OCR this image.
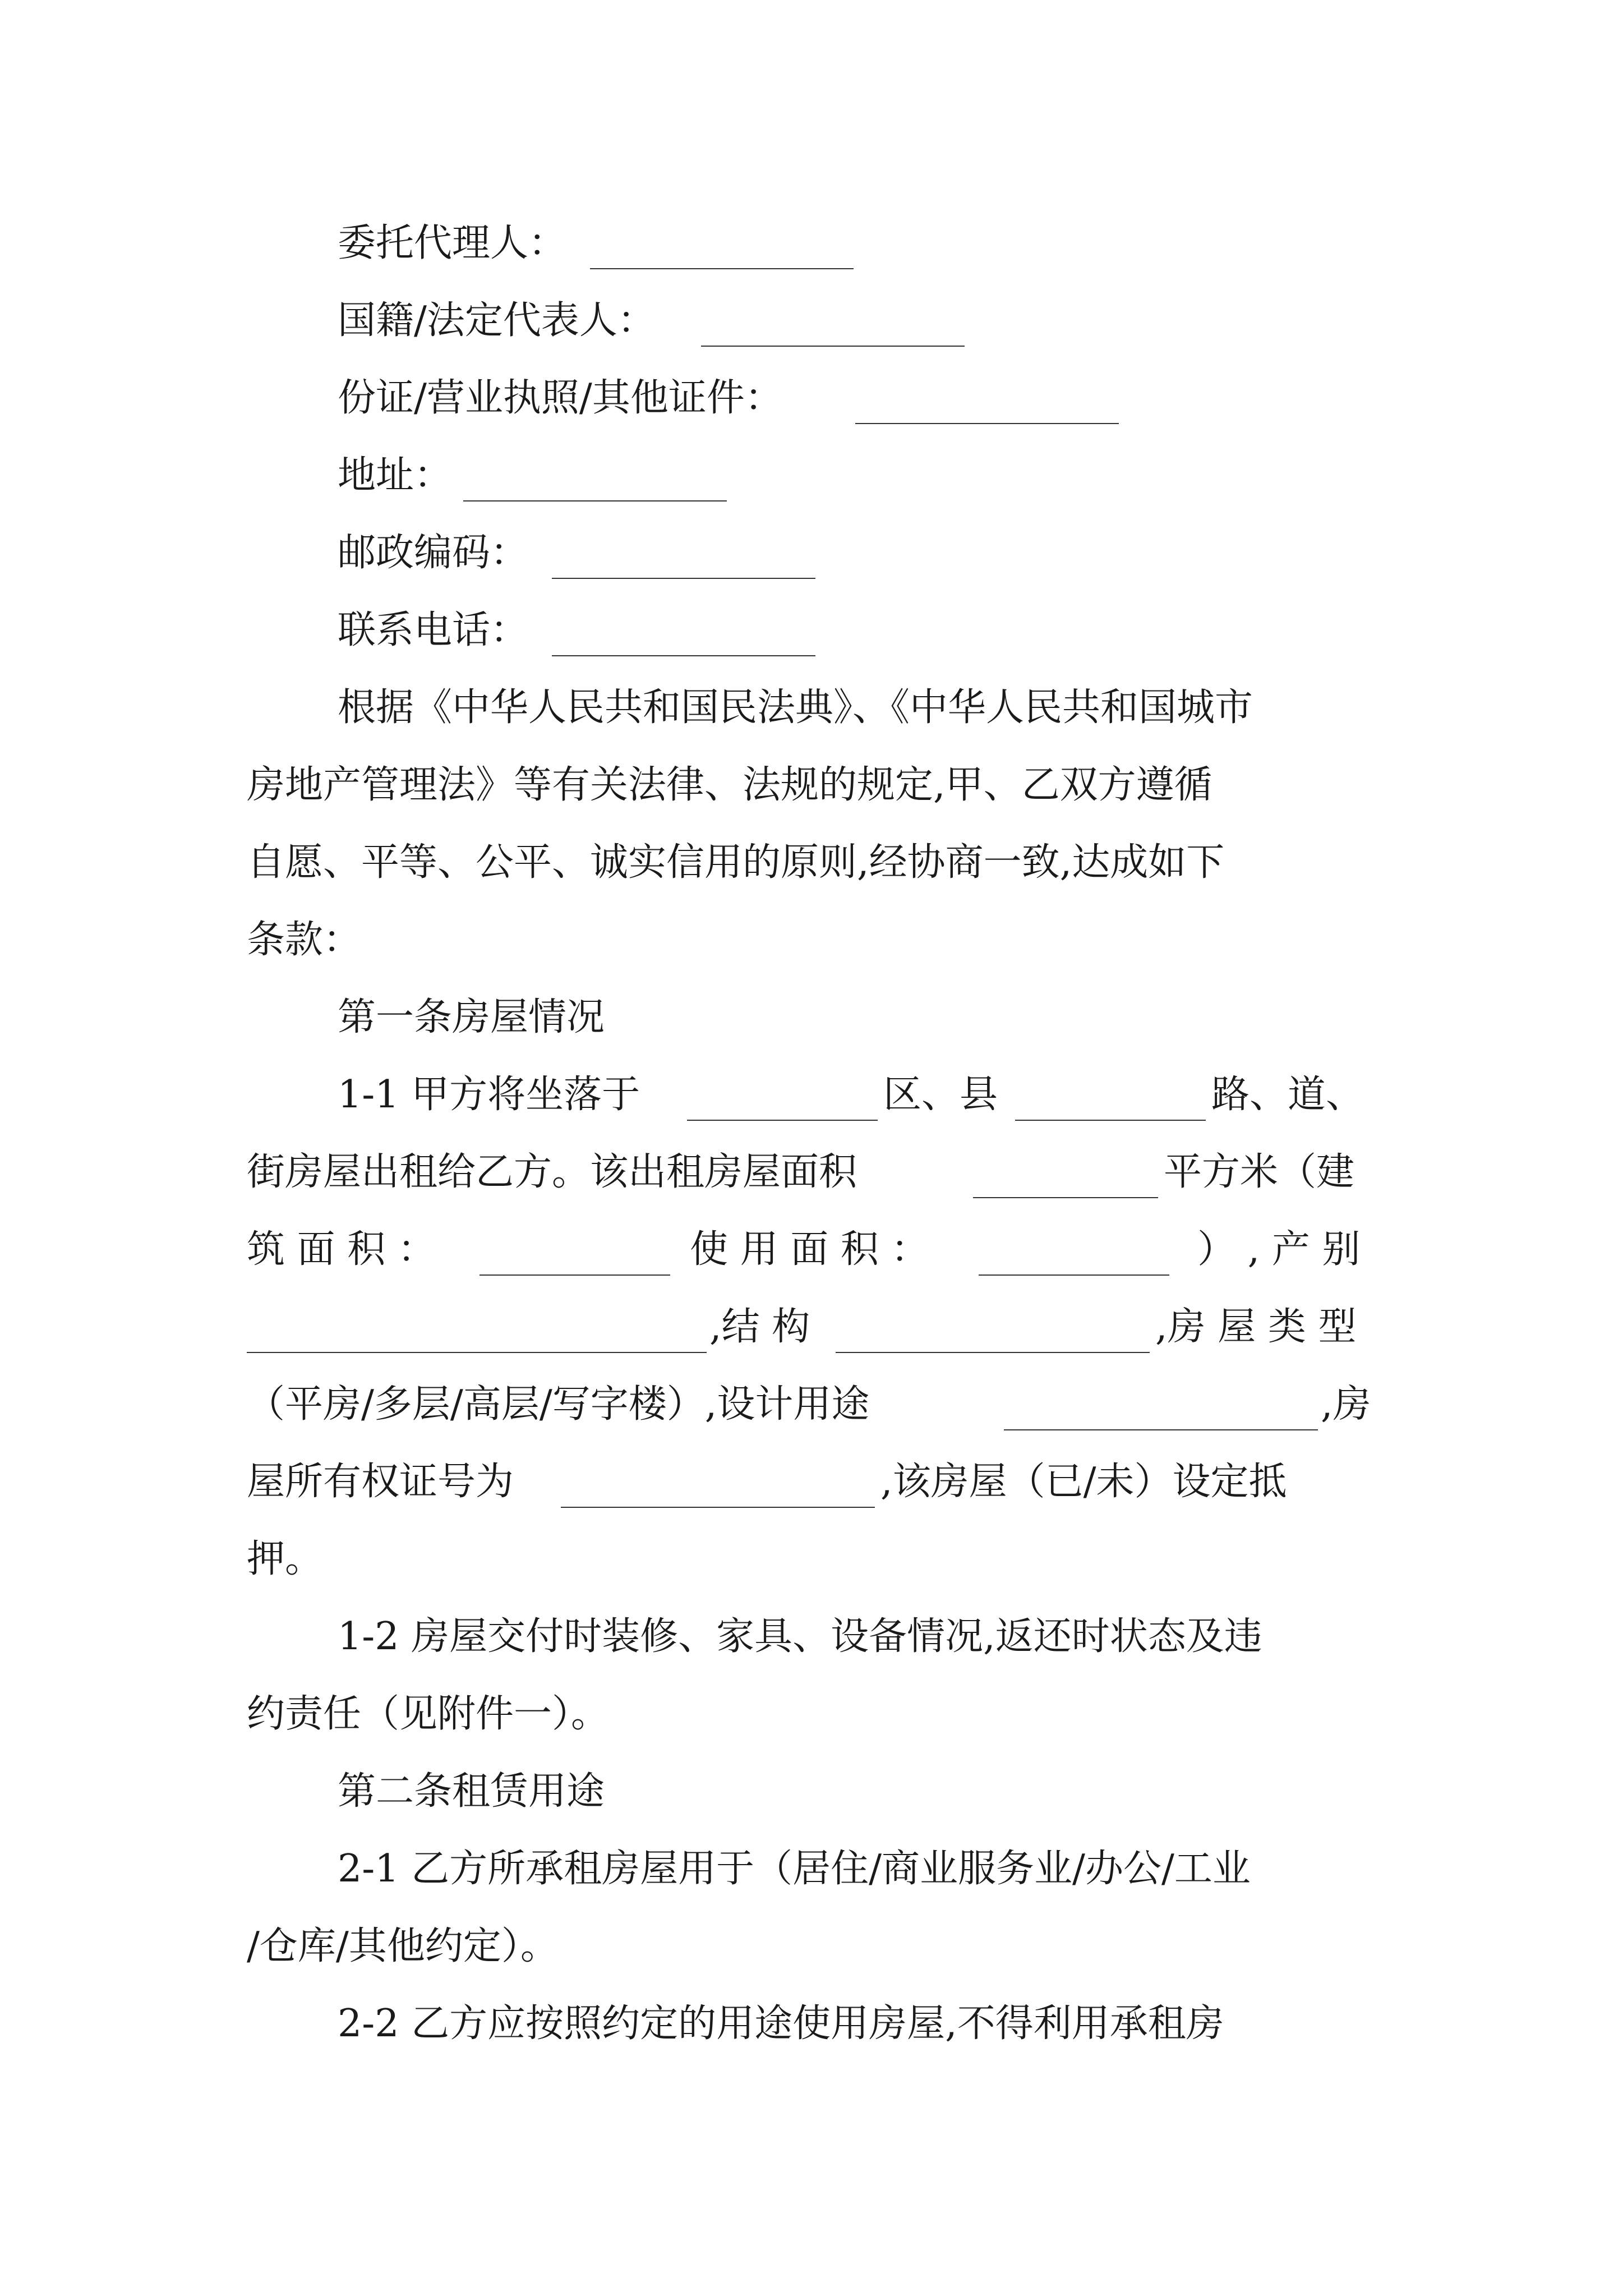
委托代理人：
国籍/法定代表人：
份证/营业执照/其他证件：
地址：
邮政编码：
联系电话：
根据《中华人民共和国民法典》、《中华人民共和国城市
房地产管理法》等有关法律、法规的规定,甲、乙双方遵循
自愿、平等、公平、诚实信用的原则,经协商一致,达成如下
条款：
第一条房屋情况
1-1 甲方将坐落于	区、县	路、道、
街房屋出租给乙方。该出租房屋面积	平方米（建
筑 面 积 ：	使 用 面 积 ：	） , 产 别
,结 构	,房 屋 类 型
（平房/多层/高层/写字楼）,设计用途	,房
屋所有权证号为	,该房屋（已/未）设定抵
押。
1-2 房屋交付时装修、家具、设备情况,返还时状态及违
约责任（见附件一）。
第二条租赁用途
2-1 乙方所承租房屋用于（居住/商业服务业/办公/工业
/仓库/其他约定）。
2-2 乙方应按照约定的用途使用房屋,不得利用承租房
